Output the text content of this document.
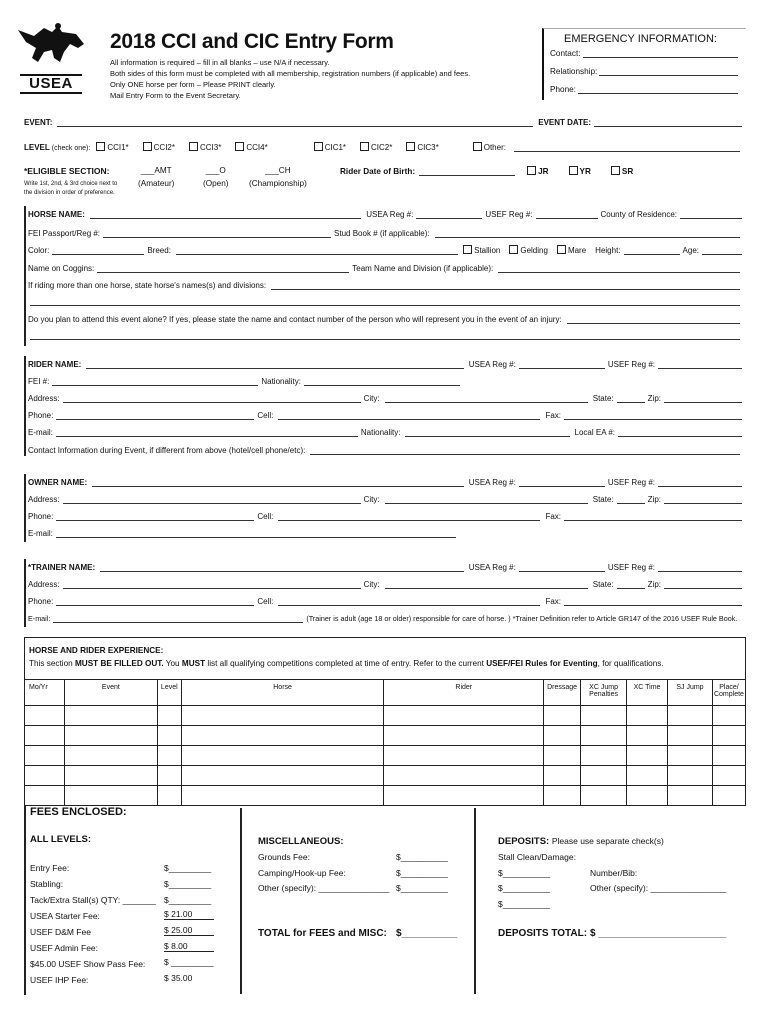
USEA
2018 CCI and CIC Entry Form
All information is required – fill in all blanks – use N/A if necessary.
Both sides of this form must be completed with all membership, registration numbers (if applicable) and fees.
Only ONE horse per form – Please PRINT clearly.
Mail Entry Form to the Event Secretary.
EMERGENCY INFORMATION:
Contact:
Relationship:
Phone:
EVENT:	EVENT DATE:
LEVEL (check one):	CCI1*	CCI2*	CCI3*	CCI4*	CIC1*	CIC2*	CIC3*	Other:
*ELIGIBLE SECTION:
Write 1st, 2nd, & 3rd choice next to
the division in order of preference.
___AMT
(Amateur)
___O
(Open)
___CH
(Championship)
Rider Date of Birth:	JR	YR	SR
HORSE NAME:	USEA Reg #:	USEF Reg #:	County of Residence:
FEI Passport/Reg #:	Stud Book # (if applicable):
Color:	Breed:	Stallion	Gelding	Mare Height:	Age:
Name on Coggins:	Team Name and Division (if applicable):
If riding more than one horse, state horse's names(s) and divisions:
Do you plan to attend this event alone? If yes, please state the name and contact number of the person who will represent you in the event of an injury:
RIDER NAME:	USEA Reg #:	USEF Reg #:
FEI #:	Nationality:
Address:	City:	State:	Zip:
Phone:	Cell:	Fax:
E-mail:	Nationality:	Local EA #:
Contact Information during Event, if different from above (hotel/cell phone/etc):
OWNER NAME:	USEA Reg #:	USEF Reg #:
Address:	City:	State:	Zip:
Phone:	Cell:	Fax:
E-mail:
*TRAINER NAME:	USEA Reg #:	USEF Reg #:
Address:	City:	State:	Zip:
Phone:	Cell:	Fax:
E-mail:	(Trainer is adult (age 18 or older) responsible for care of horse. ) *Trainer Definition refer to Article GR147 of the 2016 USEF Rule Book.
HORSE AND RIDER EXPERIENCE:
This section MUST BE FILLED OUT. You MUST list all qualifying competitions completed at time of entry. Refer to the current USEF/FEI Rules for Eventing, for qualifications.
Mo/Yr	Event	Level	Horse	Rider	Dressage	XC Jump Penalties	XC Time	SJ Jump	Place/ Complete

FEES ENCLOSED:
ALL LEVELS:
Entry Fee:	$_________
Stabling:	$_________
Tack/Extra Stall(s) QTY: _______ $_________
USEA Starter Fee:	$ 21.00
USEF D&M Fee	$ 25.00
USEF Admin Fee:	$ 8.00
$45.00 USEF Show Pass Fee: $ _________
USEF IHP Fee:	$ 35.00
MISCELLANEOUS:
Grounds Fee:	$__________
Camping/Hook-up Fee:	$__________
Other (specify): _______________ $__________
TOTAL for FEES and MISC: $__________
DEPOSITS: Please use separate check(s)
Stall Clean/Damage:
$__________
$__________
$__________
Number/Bib:
Other (specify): ________________
DEPOSITS TOTAL: $ _______________________
